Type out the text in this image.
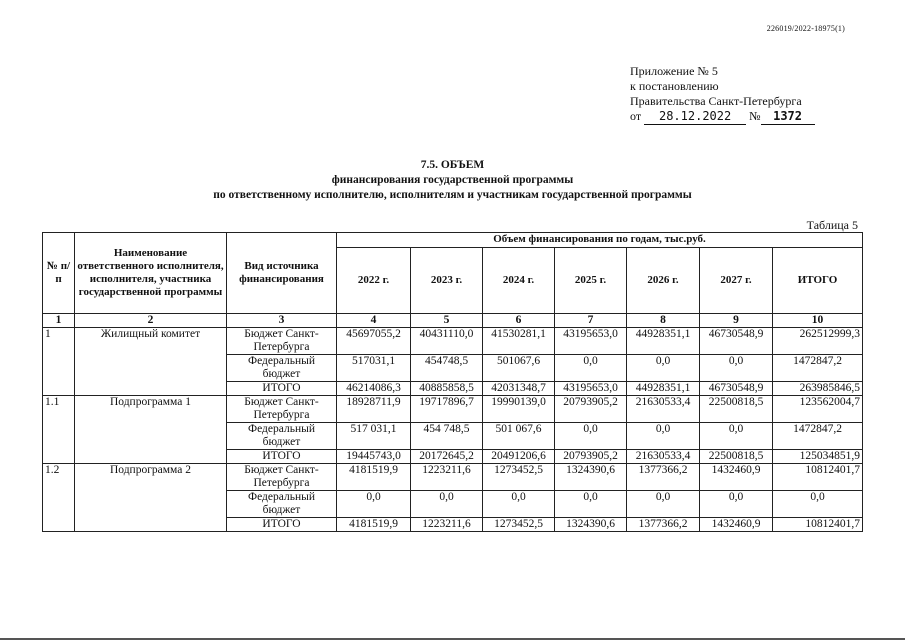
226019/2022-18975(1)
Приложение № 5
к постановлению
Правительства Санкт-Петербурга
от 28.12.2022 № 1372
7.5. ОБЪЕМ
финансирования государственной программы
по ответственному исполнителю, исполнителям и участникам государственной программы
Таблица 5
№ п/п	Наименование ответственного исполнителя, исполнителя, участника государственной программы	Вид источника финансирования	Объем финансирования по годам, тыс.руб.						
			2022 г.	2023 г.	2024 г.	2025 г.	2026 г.	2027 г.	ИТОГО
1	2	3	4	5	6	7	8	9	10
1	Жилищный комитет	Бюджет Санкт-Петербурга	45697055,2	40431110,0	41530281,1	43195653,0	44928351,1	46730548,9	262512999,3
		Федеральный бюджет	517031,1	454748,5	501067,6	0,0	0,0	0,0	1472847,2
		ИТОГО	46214086,3	40885858,5	42031348,7	43195653,0	44928351,1	46730548,9	263985846,5
1.1	Подпрограмма 1	Бюджет Санкт-Петербурга	18928711,9	19717896,7	19990139,0	20793905,2	21630533,4	22500818,5	123562004,7
		Федеральный бюджет	517 031,1	454 748,5	501 067,6	0,0	0,0	0,0	1472847,2
		ИТОГО	19445743,0	20172645,2	20491206,6	20793905,2	21630533,4	22500818,5	125034851,9
1.2	Подпрограмма 2	Бюджет Санкт-Петербурга	4181519,9	1223211,6	1273452,5	1324390,6	1377366,2	1432460,9	10812401,7
		Федеральный бюджет	0,0	0,0	0,0	0,0	0,0	0,0	0,0
		ИТОГО	4181519,9	1223211,6	1273452,5	1324390,6	1377366,2	1432460,9	10812401,7
